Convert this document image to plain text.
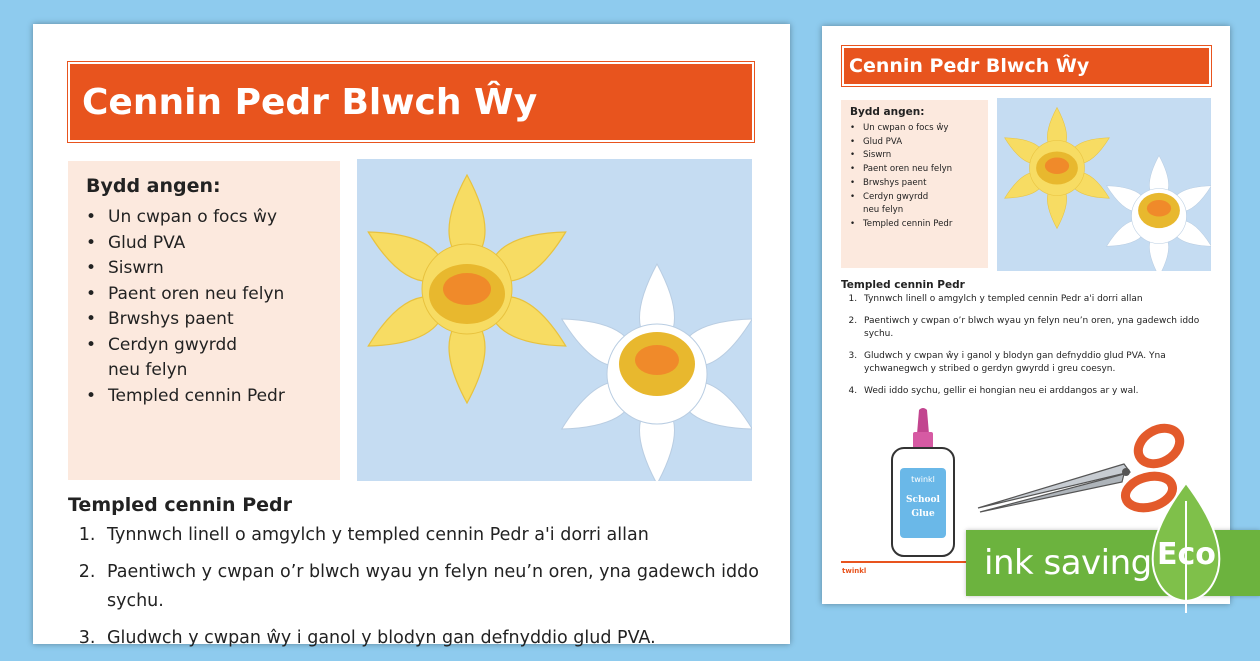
Cennin Pedr Blwch Ŵy
Bydd angen:
• Un cwpan o focs ŵy
• Glud PVA
• Siswrn
• Paent oren neu felyn
• Brwshys paent
• Cerdyn gwyrdd
neu felyn
• Templed cennin Pedr
Templed cennin Pedr
1. Tynnwch linell o amgylch y templed cennin Pedr a'i dorri allan
2. Paentiwch y cwpan o’r blwch wyau yn felyn neu’n oren, yna gadewch iddo sychu.
3. Gludwch y cwpan ŵy i ganol y blodyn gan defnyddio glud PVA.
Cennin Pedr Blwch Ŵy
Bydd angen:
• Un cwpan o focs ŵy
• Glud PVA
• Siswrn
• Paent oren neu felyn
• Brwshys paent
• Cerdyn gwyrdd
neu felyn
• Templed cennin Pedr
Templed cennin Pedr
1. Tynnwch linell o amgylch y templed cennin Pedr a'i dorri allan
2. Paentiwch y cwpan o’r blwch wyau yn felyn neu’n oren, yna gadewch iddo sychu.
3. Gludwch y cwpan ŵy i ganol y blodyn gan defnyddio glud PVA. Yna ychwanegwch y stribed o gerdyn gwyrdd i greu coesyn.
4. Wedi iddo sychu, gellir ei hongian neu ei arddangos ar y wal.
twinkl
School
Glue
twinkl	ink saving Eco
